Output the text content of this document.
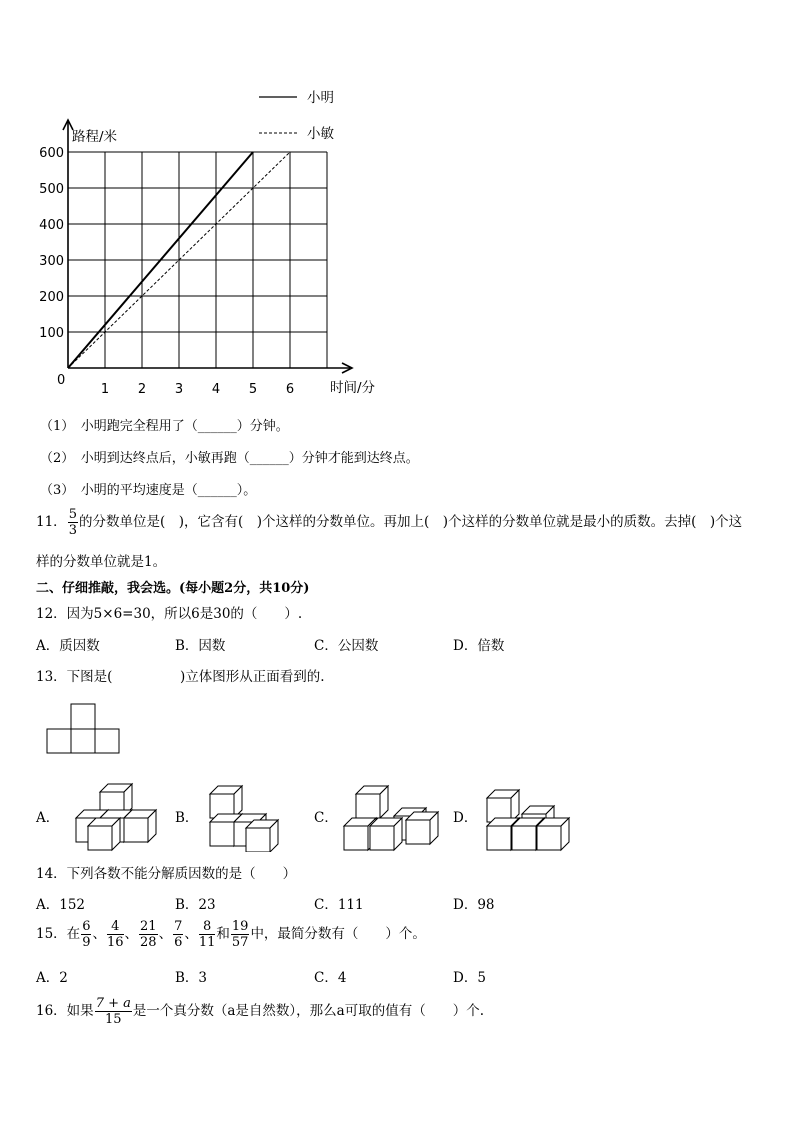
1 2 3 4 5 6
100
200
300
400
500
600
0
路程/米
时间/分
小明
小敏
（1）　小明跑完全程用了（______）分钟。
（2）　小明到达终点后，小敏再跑（______）分钟才能到达终点。
（3）　小明的平均速度是（______）。
11． $\frac{5}{3}$ 的分数单位是(　)，它含有(　)个这样的分数单位。再加上(　)个这样的分数单位就是最小的质数。去掉(　)个这
样的分数单位就是1。
二、仔细推敲，我会选。(每小题2分，共10分)
12．因为5×6=30，所以6是30的（　　）.
A．质因数	B．因数	C．公因数	D．倍数
13．下图是(　　　　　)立体图形从正面看到的.
A．	B．	C．	D．
14．下列各数不能分解质因数的是（　　）
A．152	B．23	C．111	D．98
15．在 $\frac{6}{9}$ 、 $\frac{4}{16}$ 、 $\frac{21}{28}$ 、 $\frac{7}{6}$ 、 $\frac{8}{11}$ 和 $\frac{19}{57}$ 中，最简分数有（　　）个。
A．2	B．3	C．4	D．5
16．如果 $\frac{7 + a}{15}$ 是一个真分数（a是自然数），那么a可取的值有（　　）个.
